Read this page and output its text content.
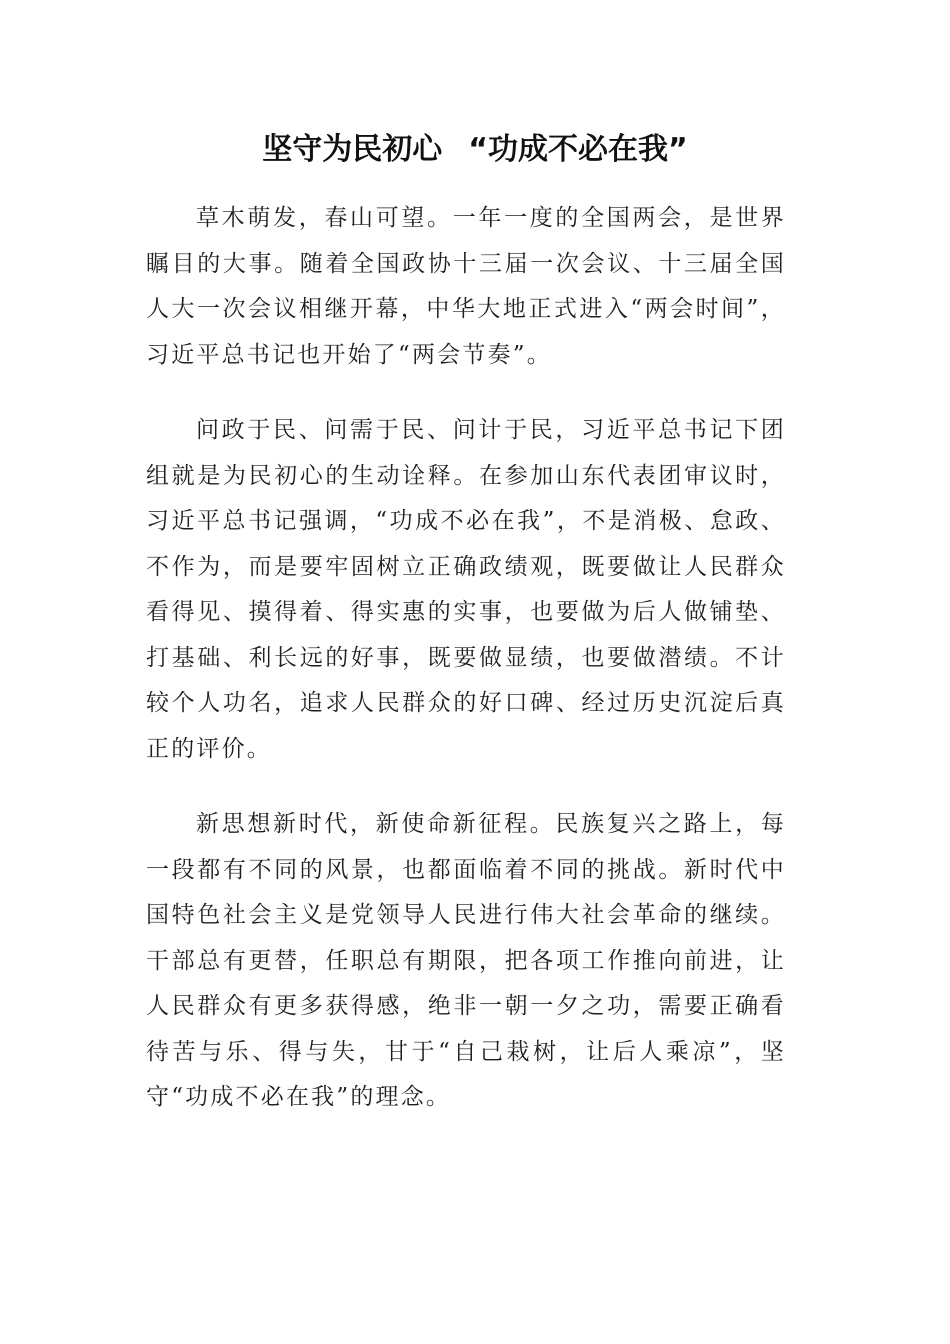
坚守为民初心 “功成不必在我”

草木萌发，春山可望。一年一度的全国两会，是世界瞩目的大事。随着全国政协十三届一次会议、十三届全国人大一次会议相继开幕，中华大地正式进入“两会时间”，习近平总书记也开始了“两会节奏”。

问政于民、问需于民、问计于民，习近平总书记下团组就是为民初心的生动诠释。在参加山东代表团审议时，习近平总书记强调，“功成不必在我”，不是消极、怠政、不作为，而是要牢固树立正确政绩观，既要做让人民群众看得见、摸得着、得实惠的实事，也要做为后人做铺垫、打基础、利长远的好事，既要做显绩，也要做潜绩。不计较个人功名，追求人民群众的好口碑、经过历史沉淀后真正的评价。

新思想新时代，新使命新征程。民族复兴之路上，每一段都有不同的风景，也都面临着不同的挑战。新时代中国特色社会主义是党领导人民进行伟大社会革命的继续。干部总有更替，任职总有期限，把各项工作推向前进，让人民群众有更多获得感，绝非一朝一夕之功，需要正确看待苦与乐、得与失，甘于“自己栽树，让后人乘凉”，坚守“功成不必在我”的理念。
